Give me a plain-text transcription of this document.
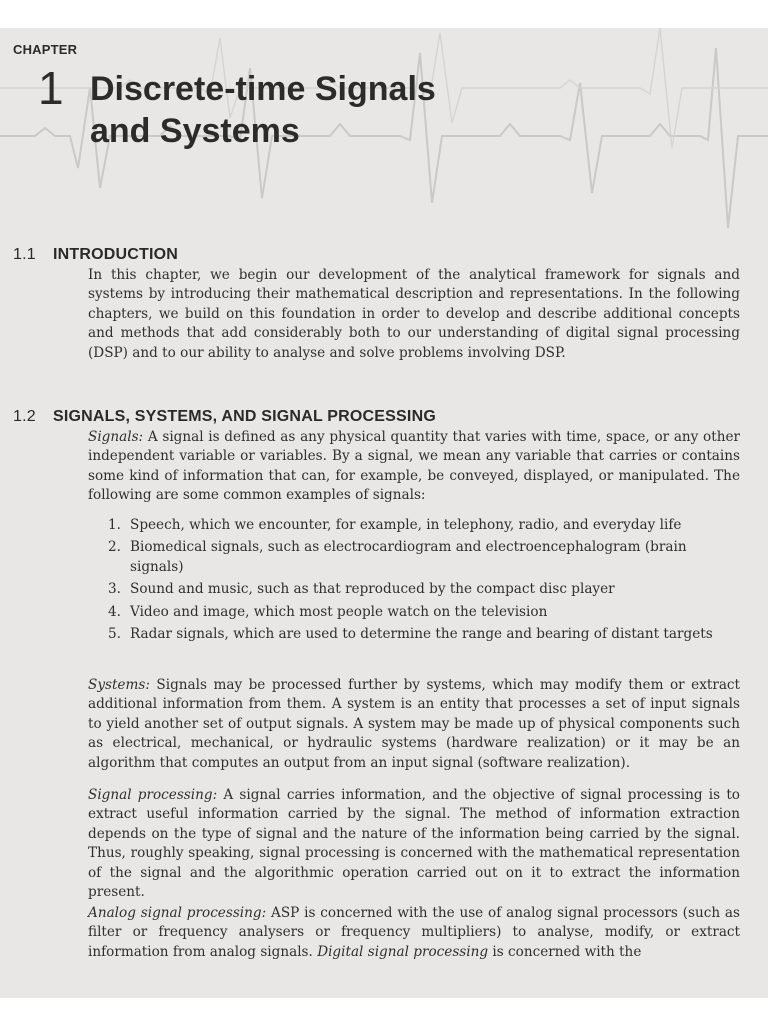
CHAPTER
1 Discrete-time Signals
and Systems
1.1 INTRODUCTION

In this chapter, we begin our development of the analytical framework for signals and systems by introducing their mathematical description and representations. In the following chapters, we build on this foundation in order to develop and describe additional concepts and methods that add considerably both to our understanding of digital signal processing (DSP) and to our ability to analyse and solve problems involving DSP.

1.2 SIGNALS, SYSTEMS, AND SIGNAL PROCESSING

Signals: A signal is defined as any physical quantity that varies with time, space, or any other independent variable or variables. By a signal, we mean any variable that carries or contains some kind of information that can, for example, be conveyed, displayed, or manipulated. The following are some common examples of signals:

1. Speech, which we encounter, for example, in telephony, radio, and everyday life
2. Biomedical signals, such as electrocardiogram and electroencephalogram (brain signals)
3. Sound and music, such as that reproduced by the compact disc player
4. Video and image, which most people watch on the television
5. Radar signals, which are used to determine the range and bearing of distant targets

Systems: Signals may be processed further by systems, which may modify them or extract additional information from them. A system is an entity that processes a set of input signals to yield another set of output signals. A system may be made up of physical components such as electrical, mechanical, or hydraulic systems (hardware realization) or it may be an algorithm that computes an output from an input signal (software realization).

Signal processing: A signal carries information, and the objective of signal processing is to extract useful information carried by the signal. The method of information extraction depends on the type of signal and the nature of the information being carried by the signal. Thus, roughly speaking, signal processing is concerned with the mathematical representation of the signal and the algorithmic operation carried out on it to extract the information present.

Analog signal processing: ASP is concerned with the use of analog signal processors (such as filter or frequency analysers or frequency multipliers) to analyse, modify, or extract information from analog signals. Digital signal processing is concerned with the
